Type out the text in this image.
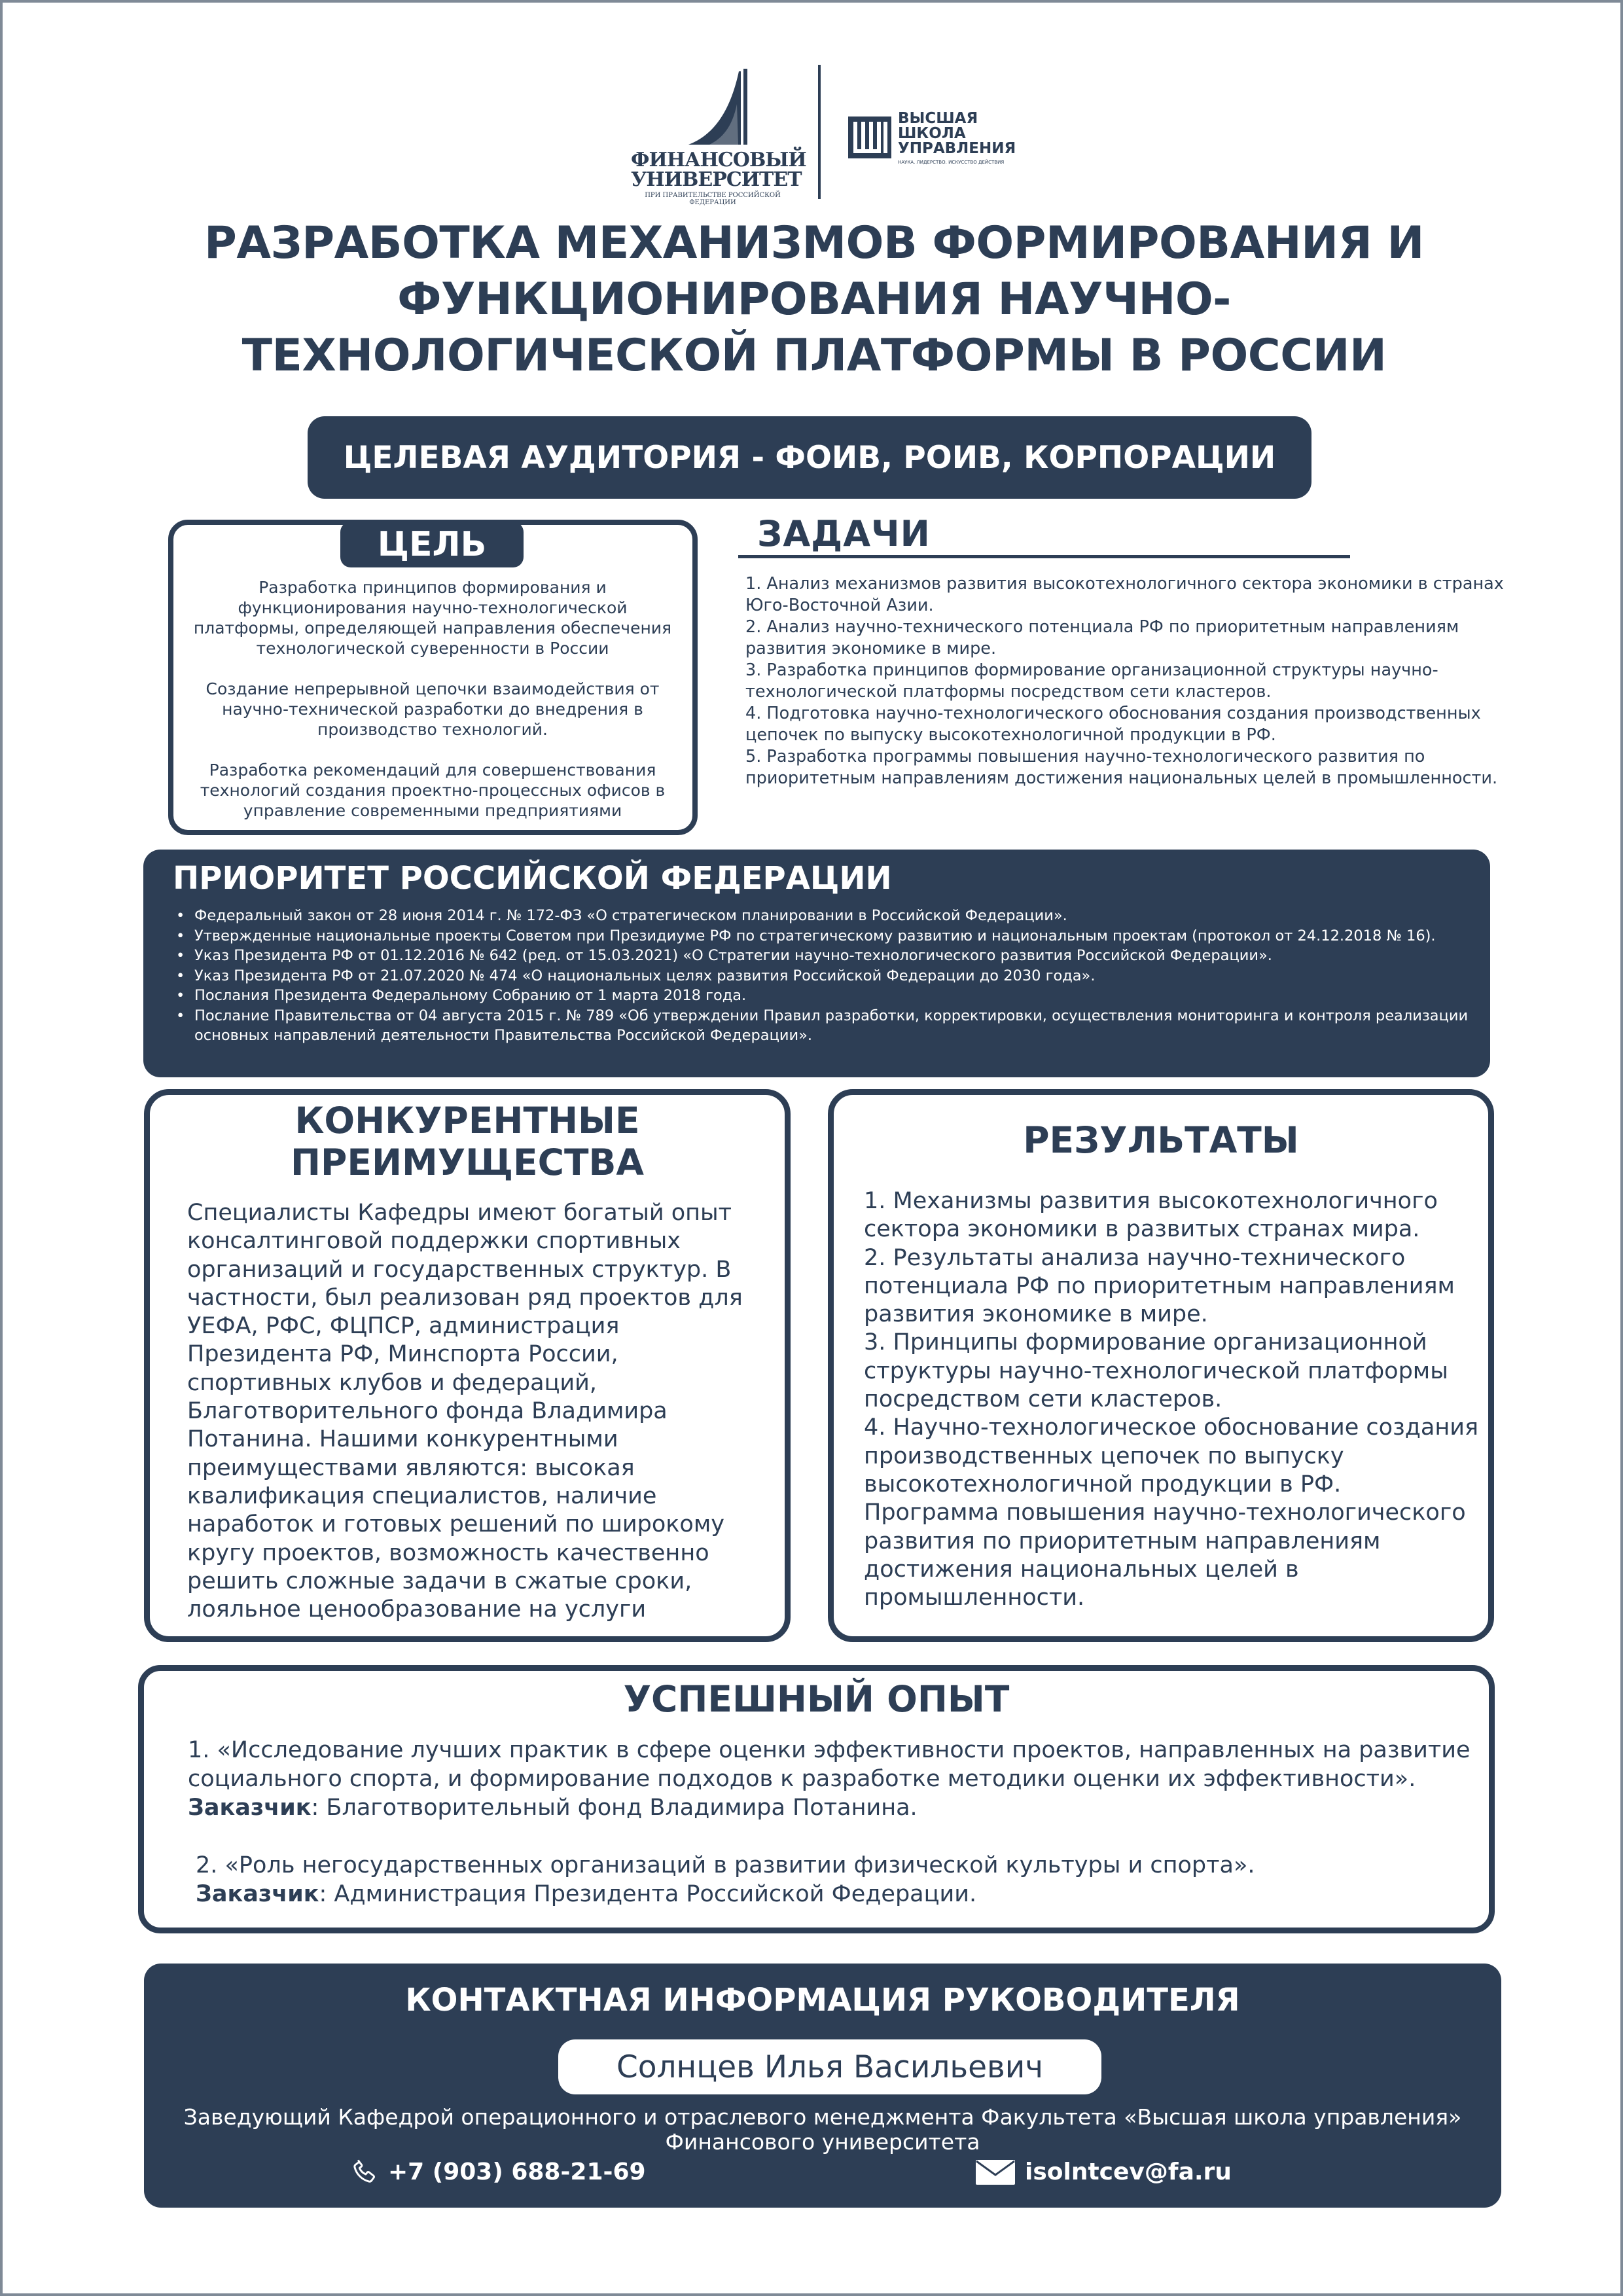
ФИНАНСОВЫЙ
УНИВЕРСИТЕТ
ПРИ ПРАВИТЕЛЬСТВЕ РОССИЙСКОЙ ФЕДЕРАЦИИ
ВЫСШАЯ
ШКОЛА
УПРАВЛЕНИЯ
НАУКА. ЛИДЕРСТВО. ИСКУССТВО ДЕЙСТВИЯ
РАЗРАБОТКА МЕХАНИЗМОВ ФОРМИРОВАНИЯ И
ФУНКЦИОНИРОВАНИЯ НАУЧНО-
ТЕХНОЛОГИЧЕСКОЙ ПЛАТФОРМЫ В РОССИИ
ЦЕЛЕВАЯ АУДИТОРИЯ - ФОИВ, РОИВ, КОРПОРАЦИИ
ЦЕЛЬ

Разработка принципов формирования и функционирования научно-технологической платформы, определяющей направления обеспечения технологической суверенности в России

Создание непрерывной цепочки взаимодействия от научно-технической разработки до внедрения в производство технологий.

Разработка рекомендаций для совершенствования технологий создания проектно-процессных офисов в управление современными предприятиями

ЗАДАЧИ
1. Анализ механизмов развития высокотехнологичного сектора экономики в странах Юго-Восточной Азии.
2. Анализ научно-технического потенциала РФ по приоритетным направлениям развития экономике в мире.
3. Разработка принципов формирование организационной структуры научно-технологической платформы посредством сети кластеров.
4. Подготовка научно-технологического обоснования создания производственных цепочек по выпуску высокотехнологичной продукции в РФ.
5. Разработка программы повышения научно-технологического развития по приоритетным направлениям достижения национальных целей в промышленности.
ПРИОРИТЕТ РОССИЙСКОЙ ФЕДЕРАЦИИ
• Федеральный закон от 28 июня 2014 г. № 172-ФЗ «О стратегическом планировании в Российской Федерации».
• Утвержденные национальные проекты Советом при Президиуме РФ по стратегическому развитию и национальным проектам (протокол от 24.12.2018 № 16).
• Указ Президента РФ от 01.12.2016 № 642 (ред. от 15.03.2021) «О Стратегии научно-технологического развития Российской Федерации».
• Указ Президента РФ от 21.07.2020 № 474 «О национальных целях развития Российской Федерации до 2030 года».
• Послания Президента Федеральному Собранию от 1 марта 2018 года.
• Послание Правительства от 04 августа 2015 г. № 789 «Об утверждении Правил разработки, корректировки, осуществления мониторинга и контроля реализации основных направлений деятельности Правительства Российской Федерации».
КОНКУРЕНТНЫЕ
ПРЕИМУЩЕСТВА
Специалисты Кафедры имеют богатый опыт консалтинговой поддержки спортивных организаций и государственных структур. В частности, был реализован ряд проектов для УЕФА, РФС, ФЦПСР, администрация Президента РФ, Минспорта России, спортивных клубов и федераций, Благотворительного фонда Владимира Потанина. Нашими конкурентными преимуществами являются: высокая квалификация специалистов, наличие наработок и готовых решений по широкому кругу проектов, возможность качественно решить сложные задачи в сжатые сроки, лояльное ценообразование на услуги
РЕЗУЛЬТАТЫ
1. Механизмы развития высокотехнологичного сектора экономики в развитых странах мира.
2. Результаты анализа научно-технического потенциала РФ по приоритетным направлениям развития экономике в мире.
3. Принципы формирование организационной структуры научно-технологической платформы посредством сети кластеров.
4. Научно-технологическое обоснование создания производственных цепочек по выпуску высокотехнологичной продукции в РФ. Программа повышения научно-технологического развития по приоритетным направлениям достижения национальных целей в промышленности.
УСПЕШНЫЙ ОПЫТ

1. «Исследование лучших практик в сфере оценки эффективности проектов, направленных на развитие социального спорта, и формирование подходов к разработке методики оценки их эффективности».

Заказчик: Благотворительный фонд Владимира Потанина.

2. «Роль негосударственных организаций в развитии физической культуры и спорта».

Заказчик: Администрация Президента Российской Федерации.

КОНТАКТНАЯ ИНФОРМАЦИЯ РУКОВОДИТЕЛЯ
Солнцев Илья Васильевич
Заведующий Кафедрой операционного и отраслевого менеджмента Факультета «Высшая школа управления»
Финансового университета
+7 (903) 688-21-69	isolntcev@fa.ru
